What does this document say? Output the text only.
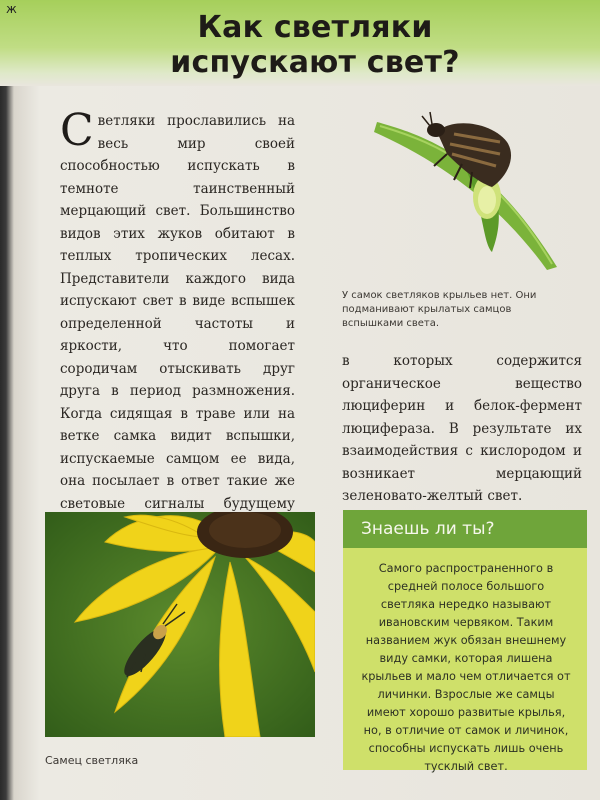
ж
Как светляки
испускают свет?
С ветляки прославились на весь мир своей способностью испускать в темноте таинственный мерцающий свет. Большинство видов этих жуков обитают в теплых тропических лесах. Представители каждого вида испускают свет в виде вспышек определенной частоты и яркости, что помогает сородичам отыскивать друг друга в период размножения. Когда сидящая в траве или на ветке самка видит вспышки, испускаемые самцом ее вида, она посылает в ответ такие же световые сигналы будущему
У самок светляков крыльев нет. Они подманивают крылатых самцов вспышками света.
в которых содержится органическое вещество люциферин и белок-фермент люцифераза. В результате их взаимодействия с кислородом и возникает мерцающий зеленовато-желтый свет.
Самец светляка
Знаешь ли ты?
Самого распространенного в средней полосе большого светляка нередко называют ивановским червяком. Таким названием жук обязан внешнему виду самки, которая лишена крыльев и мало чем отличается от личинки. Взрослые же самцы имеют хорошо развитые крылья, но, в отличие от самок и личинок, способны испускать лишь очень тусклый свет.
